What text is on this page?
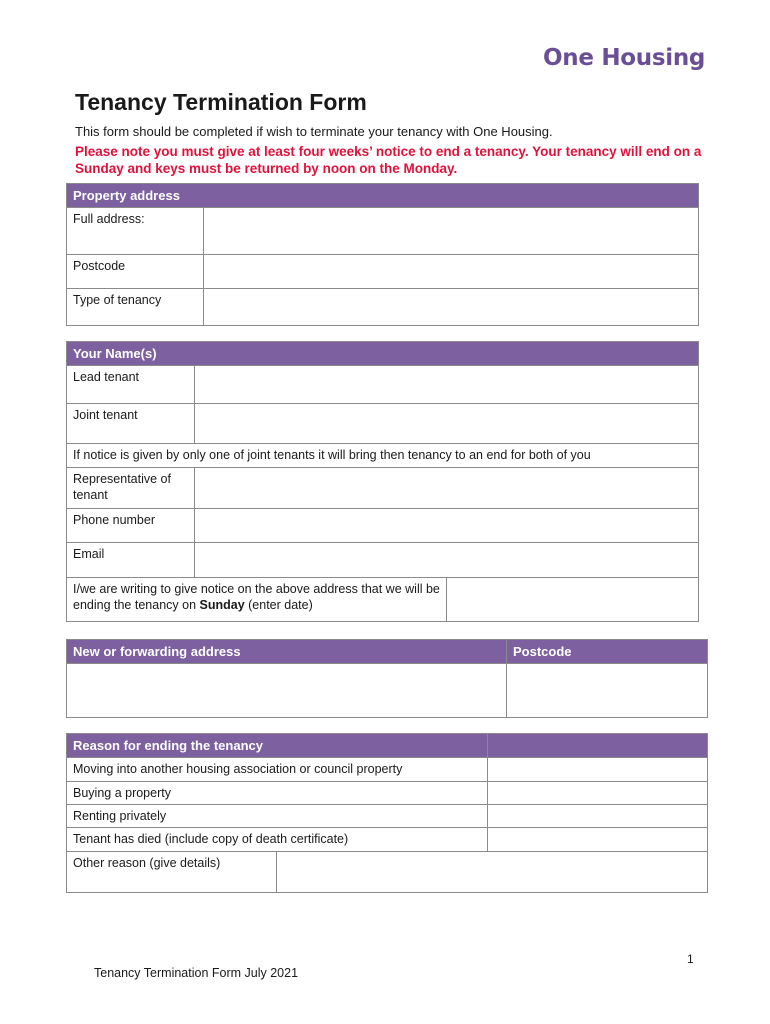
One Housing
Tenancy Termination Form

This form should be completed if wish to terminate your tenancy with One Housing.

Please note you must give at least four weeks’ notice to end a tenancy. Your tenancy will end on a Sunday and keys must be returned by noon on the Monday.

Property address	
Full address:	
Postcode	
Type of tenancy	
Your Name(s)		
Lead tenant		
Joint tenant		
If notice is given by only one of joint tenants it will bring then tenancy to an end for both of you		
Representative of tenant		
Phone number		
Email		
I/we are writing to give notice on the above address that we will be ending the tenancy on Sunday (enter date)		
New or forwarding address	Postcode

Reason for ending the tenancy		
Moving into another housing association or council property		
Buying a property		
Renting privately		
Tenant has died (include copy of death certificate)		
Other reason (give details)		
1
Tenancy Termination Form July 2021
